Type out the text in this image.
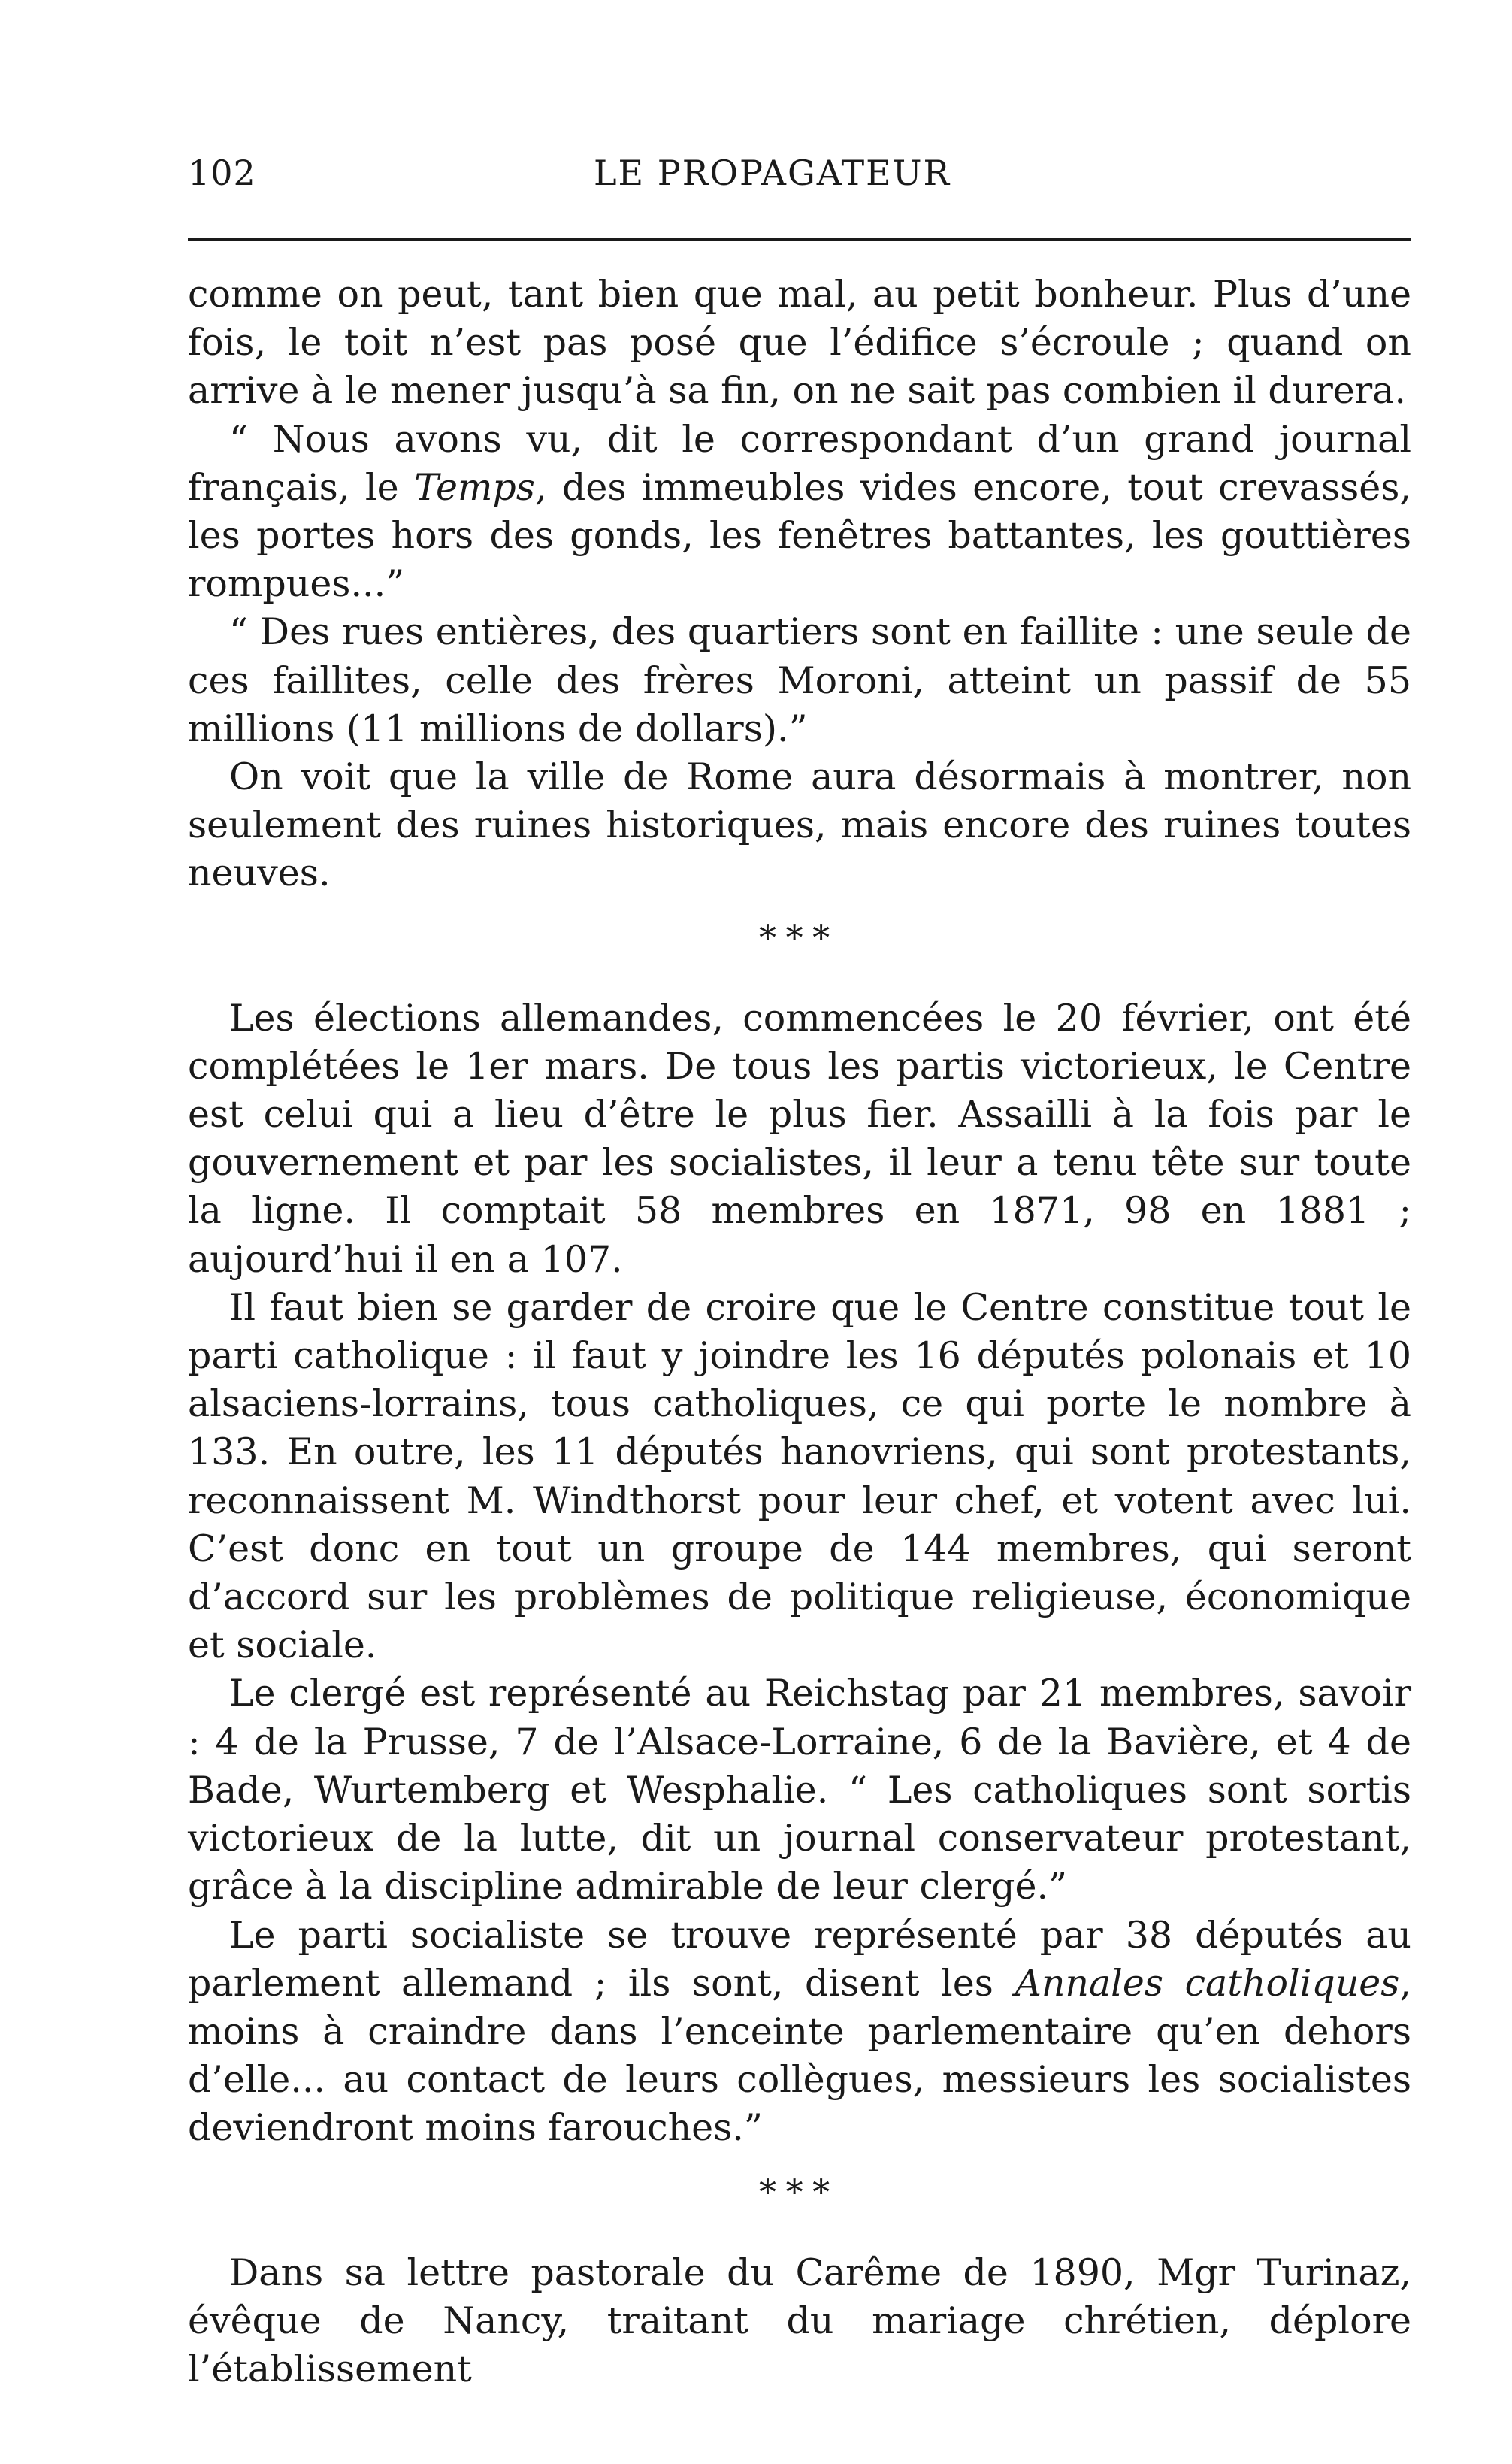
102	LE PROPAGATEUR

comme on peut, tant bien que mal, au petit bonheur. Plus d’une fois, le toit n’est pas posé que l’édifice s’écroule ; quand on arrive à le mener jusqu’à sa fin, on ne sait pas combien il durera.

“ Nous avons vu, dit le correspondant d’un grand journal français, le Temps, des immeubles vides encore, tout crevassés, les portes hors des gonds, les fenêtres battantes, les gouttières rompues...”

“ Des rues entières, des quartiers sont en faillite : une seule de ces faillites, celle des frères Moroni, atteint un passif de 55 millions (11 millions de dollars).”

On voit que la ville de Rome aura désormais à montrer, non seulement des ruines historiques, mais encore des ruines toutes neuves.

* * *

Les élections allemandes, commencées le 20 février, ont été complétées le 1er mars. De tous les partis victorieux, le Centre est celui qui a lieu d’être le plus fier. Assailli à la fois par le gouvernement et par les socialistes, il leur a tenu tête sur toute la ligne. Il comptait 58 membres en 1871, 98 en 1881 ; aujourd’hui il en a 107.

Il faut bien se garder de croire que le Centre constitue tout le parti catholique : il faut y joindre les 16 députés polonais et 10 alsaciens-lorrains, tous catholiques, ce qui porte le nombre à 133. En outre, les 11 députés hanovriens, qui sont protestants, reconnaissent M. Windthorst pour leur chef, et votent avec lui. C’est donc en tout un groupe de 144 membres, qui seront d’accord sur les problèmes de politique religieuse, économique et sociale.

Le clergé est représenté au Reichstag par 21 membres, savoir : 4 de la Prusse, 7 de l’Alsace-Lorraine, 6 de la Bavière, et 4 de Bade, Wurtemberg et Wesphalie. “ Les catholiques sont sortis victorieux de la lutte, dit un journal conservateur protestant, grâce à la discipline admirable de leur clergé.”

Le parti socialiste se trouve représenté par 38 députés au parlement allemand ; ils sont, disent les Annales catholiques, moins à craindre dans l’enceinte parlementaire qu’en dehors d’elle... au contact de leurs collègues, messieurs les socialistes deviendront moins farouches.”

* * *

Dans sa lettre pastorale du Carême de 1890, Mgr Turinaz, évêque de Nancy, traitant du mariage chrétien, déplore l’établissement
